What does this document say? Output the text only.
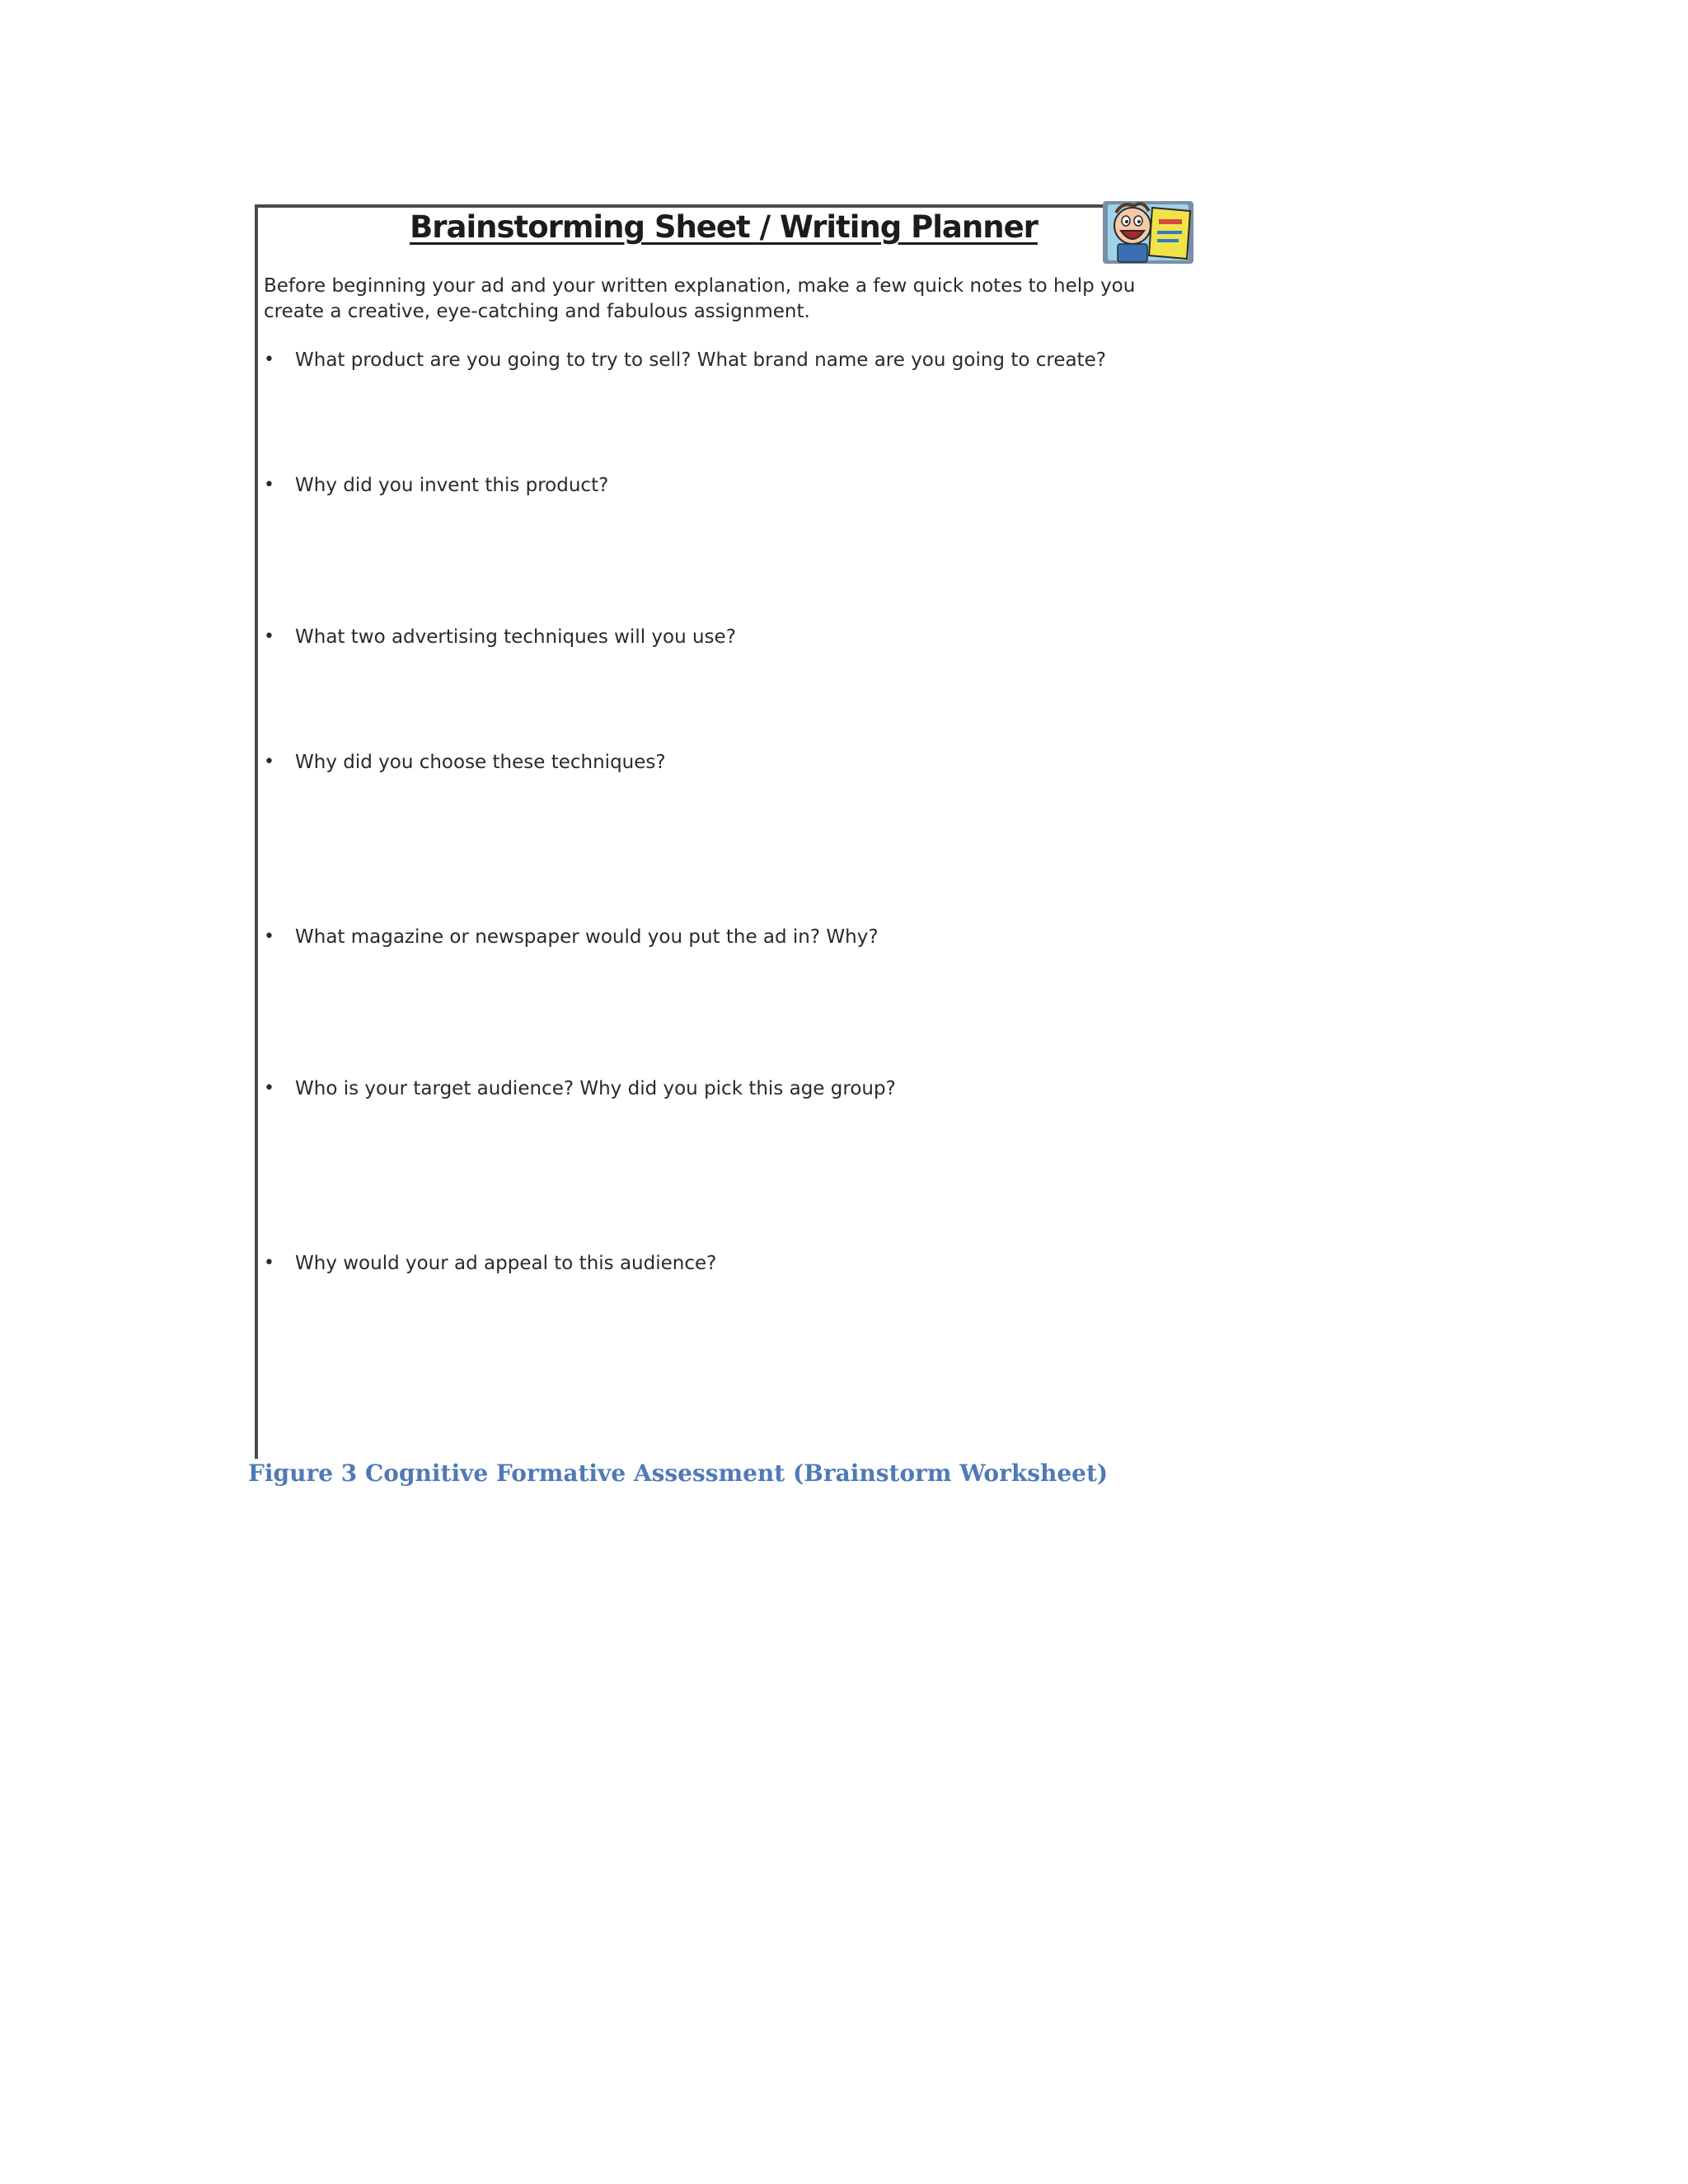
Brainstorming Sheet / Writing Planner

Before beginning your ad and your written explanation, make a few quick notes to help you create a creative, eye-catching and fabulous assignment.

•	What product are you going to try to sell? What brand name are you going to create?
•	Why did you invent this product?
•	What two advertising techniques will you use?
•	Why did you choose these techniques?
•	What magazine or newspaper would you put the ad in? Why?
•	Who is your target audience? Why did you pick this age group?
•	Why would your ad appeal to this audience?

Figure 3 Cognitive Formative Assessment (Brainstorm Worksheet)
